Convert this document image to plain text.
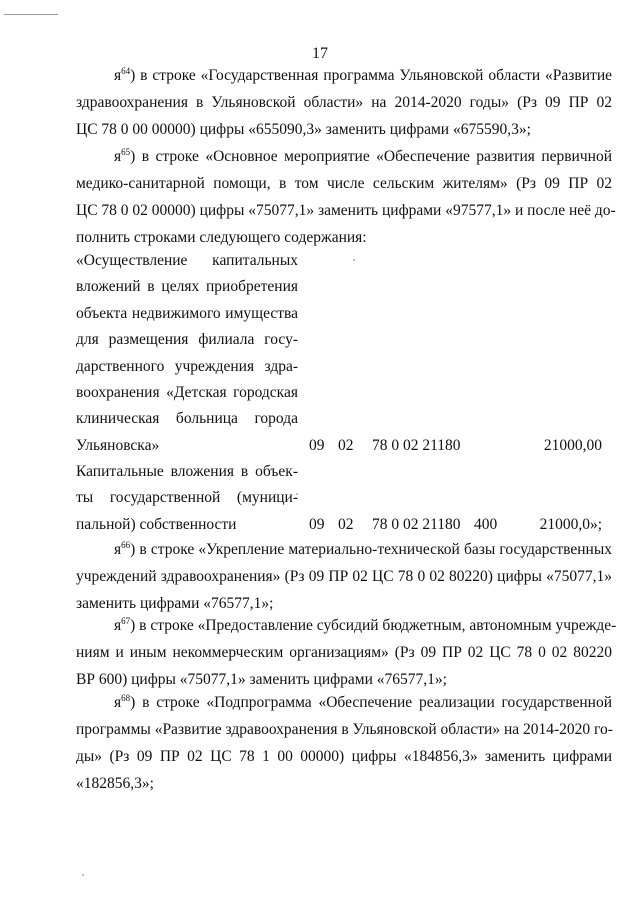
17
$я^{64}$) в строке «Государственная программа Ульяновской области «Развитие
здравоохранения в Ульяновской области» на 2014-2020 годы» (Рз 09 ПР 02
ЦС 78 0 00 00000) цифры «655090,3» заменить цифрами «675590,3»;
$я^{65}$) в строке «Основное мероприятие «Обеспечение развития первичной
медико-санитарной помощи, в том числе сельским жителям» (Рз 09 ПР 02
ЦС 78 0 02 00000) цифры «75077,1» заменить цифрами «97577,1» и после неё до-
полнить строками следующего содержания:
«Осуществление капитальных
вложений в целях приобретения
объекта недвижимого имущества
для размещения филиала госу-
дарственного учреждения здра-
воохранения «Детская городская
клиническая больница города
Ульяновска»	09 02 78 0 02 21180	21000,00
Капитальные вложения в объек-
ты государственной (муници-
пальной) собственности	09 02 78 0 02 21180 400	21000,0»;
$я^{66}$) в строке «Укрепление материально-технической базы государственных
учреждений здравоохранения» (Рз 09 ПР 02 ЦС 78 0 02 80220) цифры «75077,1»
заменить цифрами «76577,1»;
$я^{67}$) в строке «Предоставление субсидий бюджетным, автономным учрежде-
ниям и иным некоммерческим организациям» (Рз 09 ПР 02 ЦС 78 0 02 80220
ВР 600) цифры «75077,1» заменить цифрами «76577,1»;
$я^{68}$) в строке «Подпрограмма «Обеспечение реализации государственной
программы «Развитие здравоохранения в Ульяновской области» на 2014-2020 го-
ды» (Рз 09 ПР 02 ЦС 78 1 00 00000) цифры «184856,3» заменить цифрами
«182856,3»;
